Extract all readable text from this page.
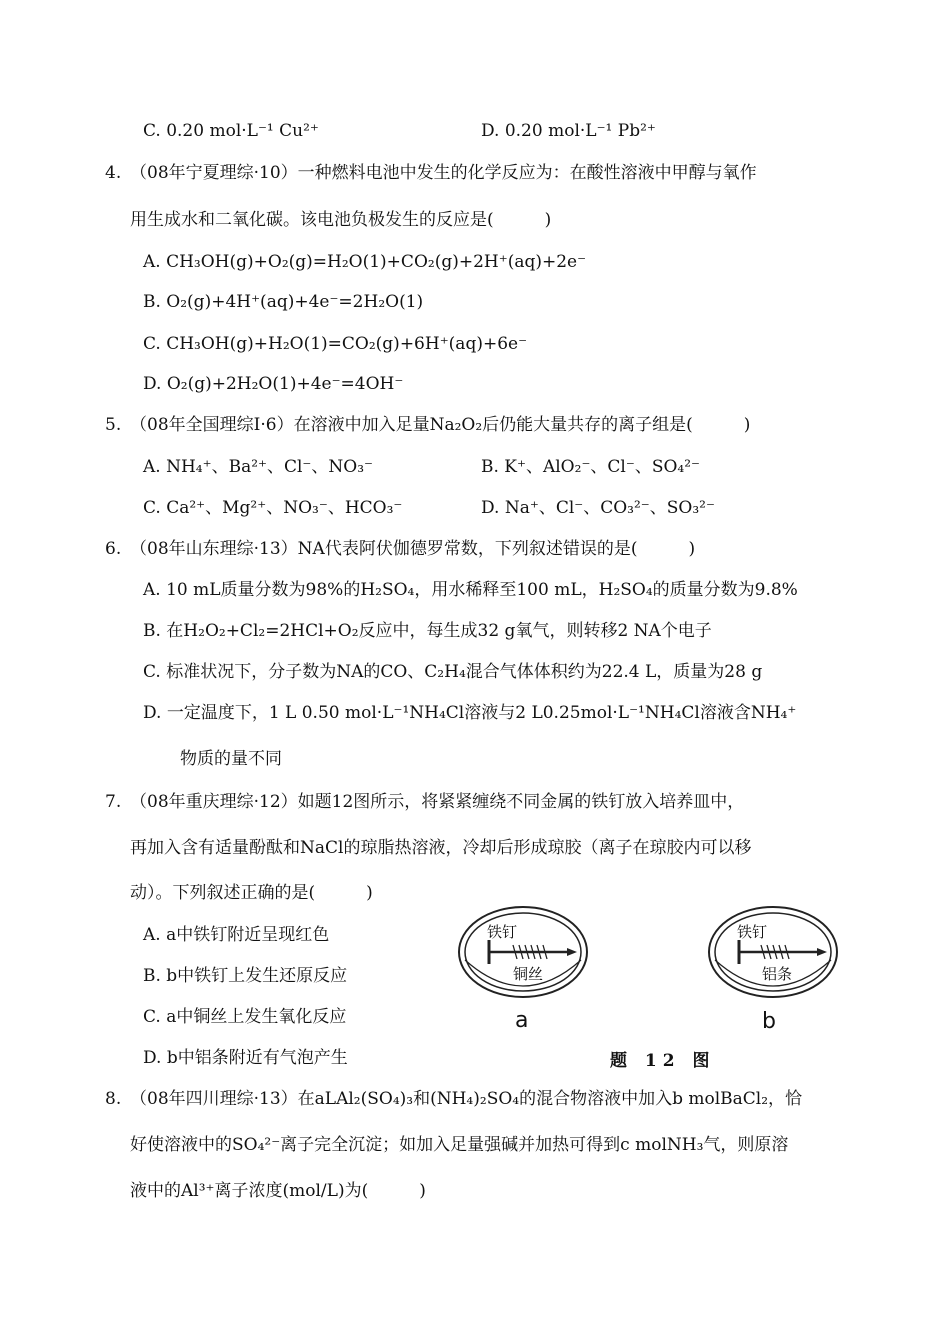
C. 0.20 mol·L⁻¹ Cu²⁺	D. 0.20 mol·L⁻¹ Pb²⁺
4. （08年宁夏理综·10）一种燃料电池中发生的化学反应为：在酸性溶液中甲醇与氧作
用生成水和二氧化碳。该电池负极发生的反应是(　　　)
A. CH₃OH(g)+O₂(g)=H₂O(1)+CO₂(g)+2H⁺(aq)+2e⁻
B. O₂(g)+4H⁺(aq)+4e⁻=2H₂O(1)
C. CH₃OH(g)+H₂O(1)=CO₂(g)+6H⁺(aq)+6e⁻
D. O₂(g)+2H₂O(1)+4e⁻=4OH⁻
5. （08年全国理综Ⅰ·6）在溶液中加入足量Na₂O₂后仍能大量共存的离子组是(　　　)
A. NH₄⁺、Ba²⁺、Cl⁻、NO₃⁻	B. K⁺、AlO₂⁻、Cl⁻、SO₄²⁻
C. Ca²⁺、Mg²⁺、NO₃⁻、HCO₃⁻	D. Na⁺、Cl⁻、CO₃²⁻、SO₃²⁻
6. （08年山东理综·13）NA代表阿伏伽德罗常数，下列叙述错误的是(　　　)
A. 10 mL质量分数为98%的H₂SO₄，用水稀释至100 mL，H₂SO₄的质量分数为9.8%
B. 在H₂O₂+Cl₂=2HCl+O₂反应中，每生成32 g氧气，则转移2 NA个电子
C. 标准状况下，分子数为NA的CO、C₂H₄混合气体体积约为22.4 L，质量为28 g
D. 一定温度下，1 L 0.50 mol·L⁻¹NH₄Cl溶液与2 L0.25mol·L⁻¹NH₄Cl溶液含NH₄⁺
物质的量不同
7. （08年重庆理综·12）如题12图所示，将紧紧缠绕不同金属的铁钉放入培养皿中，
再加入含有适量酚酞和NaCl的琼脂热溶液，冷却后形成琼胶（离子在琼胶内可以移
动）。下列叙述正确的是(　　　)
A. a中铁钉附近呈现红色
B. b中铁钉上发生还原反应
C. a中铜丝上发生氧化反应
D. b中铝条附近有气泡产生
铁钉
铜丝
铁钉
铝条
a	b
题 12 图
8. （08年四川理综·13）在aLAl₂(SO₄)₃和(NH₄)₂SO₄的混合物溶液中加入b molBaCl₂，恰
好使溶液中的SO₄²⁻离子完全沉淀；如加入足量强碱并加热可得到c molNH₃气，则原溶
液中的Al³⁺离子浓度(mol/L)为(　　　)
